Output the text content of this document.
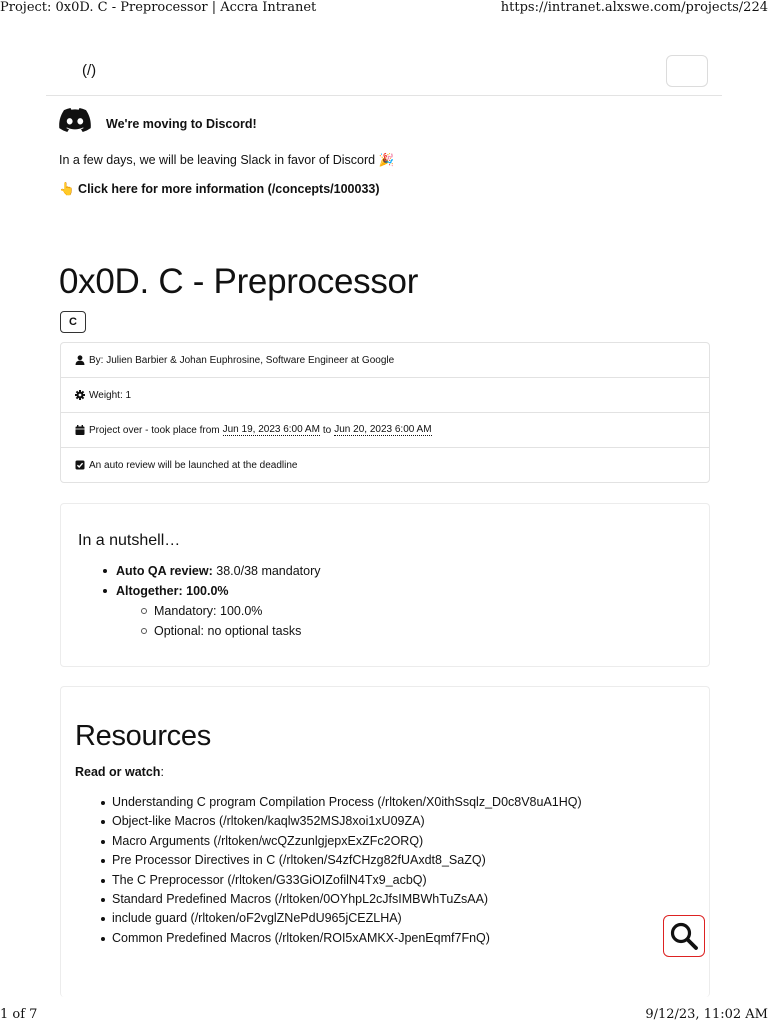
Project: 0x0D. C - Preprocessor | Accra Intranet	https://intranet.alxswe.com/projects/224
(/)
We're moving to Discord!
In a few days, we will be leaving Slack in favor of Discord 🎉
👆 Click here for more information (/concepts/100033)
0x0D. C - Preprocessor
C
By: Julien Barbier & Johan Euphrosine, Software Engineer at Google
Weight: 1
Project over - took place from Jun 19, 2023 6:00 AM to Jun 20, 2023 6:00 AM
An auto review will be launched at the deadline
In a nutshell…
Auto QA review: 38.0/38 mandatory
Altogether: 100.0%
Mandatory: 100.0%
Optional: no optional tasks
Resources
Read or watch:
Understanding C program Compilation Process (/rltoken/X0ithSsqlz_D0c8V8uA1HQ)
Object-like Macros (/rltoken/kaqlw352MSJ8xoi1xU09ZA)
Macro Arguments (/rltoken/wcQZzunlgjepxExZFc2ORQ)
Pre Processor Directives in C (/rltoken/S4zfCHzg82fUAxdt8_SaZQ)
The C Preprocessor (/rltoken/G33GiOIZofilN4Tx9_acbQ)
Standard Predefined Macros (/rltoken/0OYhpL2cJfsIMBWhTuZsAA)
include guard (/rltoken/oF2vglZNePdU965jCEZLHA)
Common Predefined Macros (/rltoken/ROI5xAMKX-JpenEqmf7FnQ)
1 of 7	9/12/23, 11:02 AM
